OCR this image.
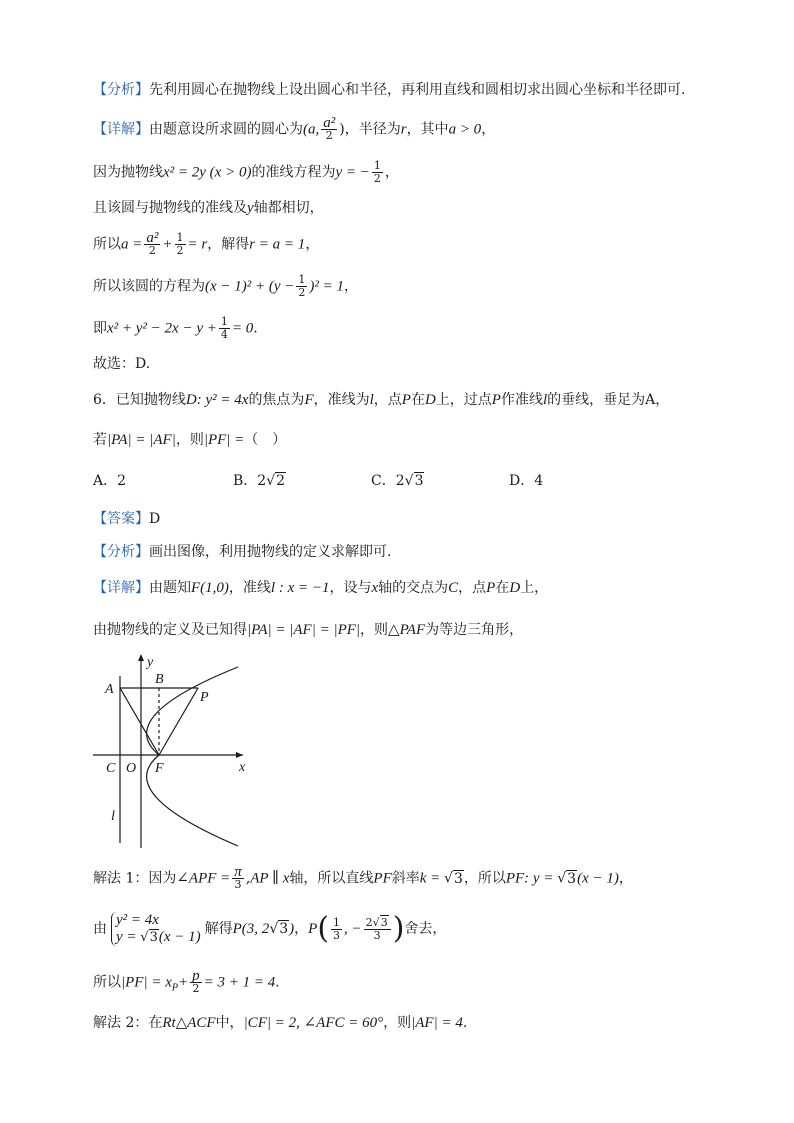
【分析】先利用圆心在抛物线上设出圆心和半径，再利用直线和圆相切求出圆心坐标和半径即可.
【详解】由题意设所求圆的圆心为(a, $\frac{\text{a²}}{2}$ )，半径为r，其中a > 0，
因为抛物线x² = 2y (x > 0)的准线方程为y = − $\frac{1}{2}$ ，
且该圆与抛物线的准线及y轴都相切，
所以$a = \frac{\text{a²}}{2} + \frac{1}{2} = r$，解得r = a = 1，
所以该圆的方程为$(x - 1)^2 + (y - \frac{1}{2} )^2 = 1$，
即$x^2 + y^2 - 2x - y + \frac{1}{4} = 0$.
故选：D.
6．已知抛物线D: y² = 4x的焦点为F，准线为l，点P在D上，过点P作准线l的垂线，垂足为A，
若|PA| = |AF|，则|PF| =（　）
A．2	B．2√2	C．2√3	D．4
【答案】D
【分析】画出图像，利用抛物线的定义求解即可.
【详解】由题知F(1,0)，准线l : x = −1，设与x轴的交点为C，点P在D上，
由抛物线的定义及已知得|PA| = |AF| = |PF|，则△PAF为等边三角形，
y
x
A
B
P
C O F
l
解法 1：因为∠APF = $\frac{\pi}{3} ,AP$ ∥ x轴，所以直线PF斜率k = √3，所以PF: y = √3(x − 1)，
由
y² = 4x
y = √3(x − 1) 解得P(3, 2√3)，$P( \frac{1}{3}$ , − $\frac{2√3}{3}$ )舍去，
所以$|PF| = x_P+ \frac{p}{2} = 3 + 1 = 4$.
解法 2：在Rt△ACF中，|CF| = 2, ∠AFC = 60°，则|AF| = 4.
